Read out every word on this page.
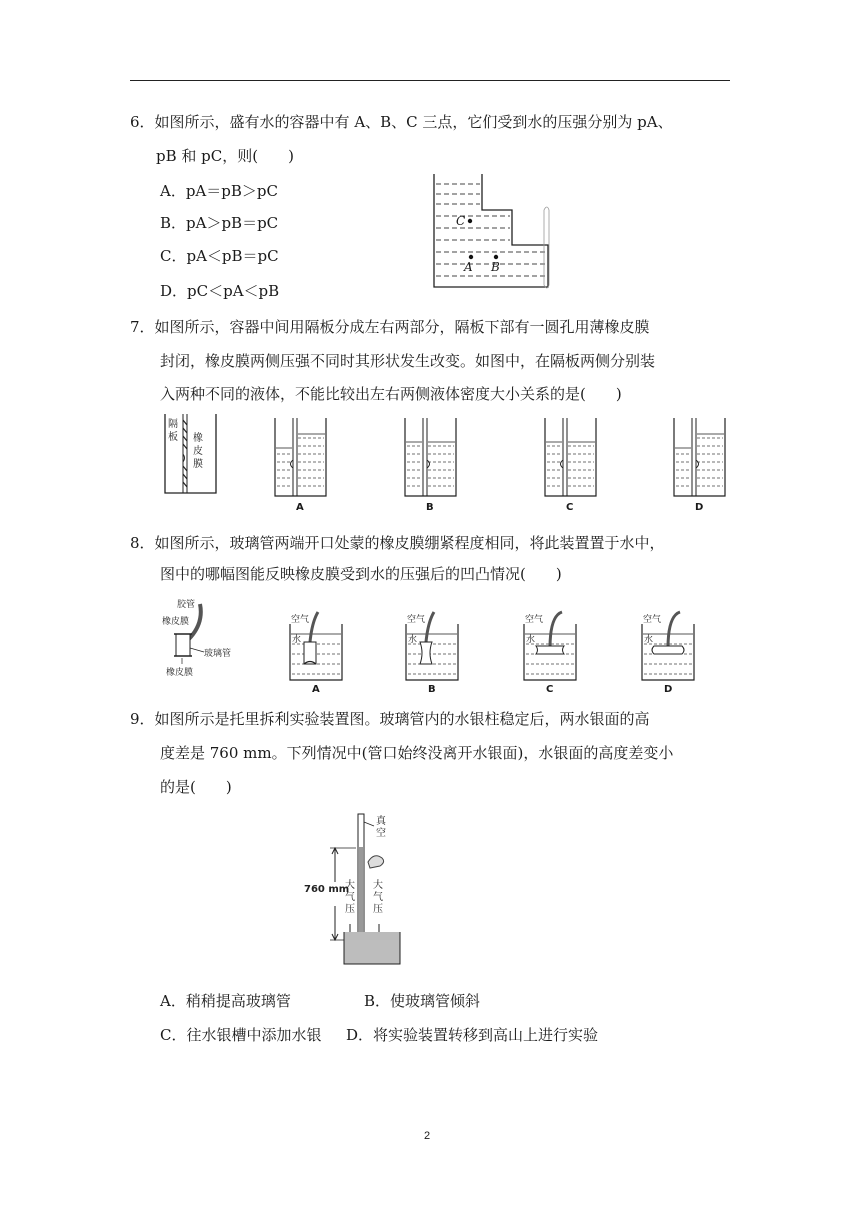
6．如图所示，盛有水的容器中有 A、B、C 三点，它们受到水的压强分别为 pA、
pB 和 pC，则(　　)
A．pA＝pB＞pC
B．pA＞pB＝pC
C．pA＜pB＝pC
D．pC＜pA＜pB
C
A B
7．如图所示，容器中间用隔板分成左右两部分，隔板下部有一圆孔用薄橡皮膜
封闭，橡皮膜两侧压强不同时其形状发生改变。如图中，在隔板两侧分别装
入两种不同的液体，不能比较出左右两侧液体密度大小关系的是(　　)
隔板 橡皮膜
A	B	C	D
8．如图所示，玻璃管两端开口处蒙的橡皮膜绷紧程度相同，将此装置置于水中，
图中的哪幅图能反映橡皮膜受到水的压强后的凹凸情况(　　)
胶管
橡皮膜
玻璃管
橡皮膜
空气
水
A
空气
水
B
空气
水
C
空气
水
D
9．如图所示是托里拆利实验装置图。玻璃管内的水银柱稳定后，两水银面的高
度差是 760 mm。下列情况中(管口始终没离开水银面)，水银面的高度差变小
的是(　　)
真空
760 mm
大气压
大气压
A．稍稍提高玻璃管	B．使玻璃管倾斜
C．往水银槽中添加水银 D．将实验装置转移到高山上进行实验
2
